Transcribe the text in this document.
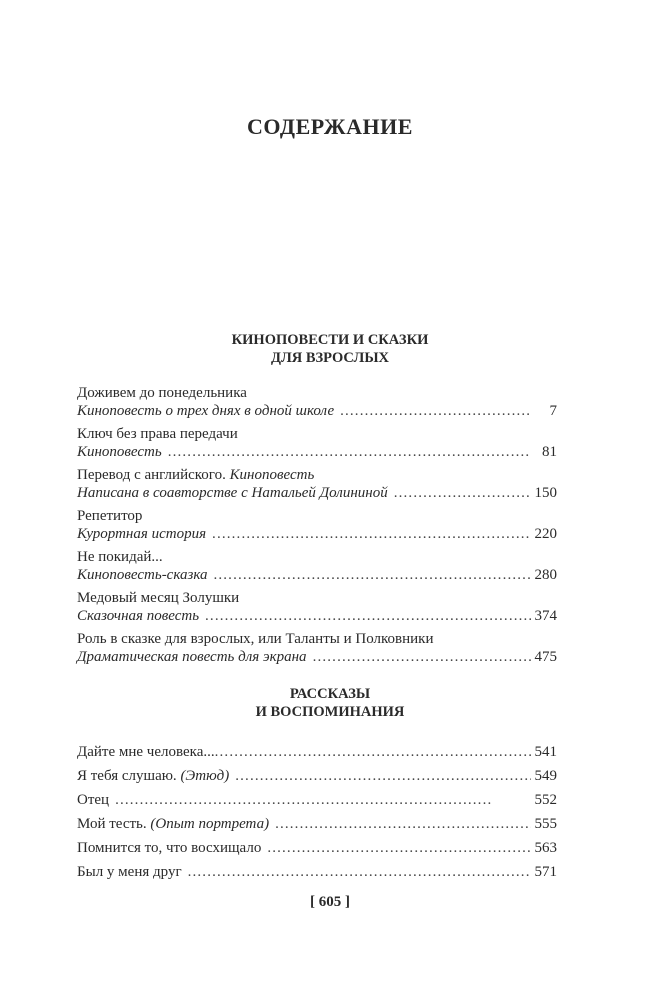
СОДЕРЖАНИЕ
КИНОПОВЕСТИ И СКАЗКИ
ДЛЯ ВЗРОСЛЫХ
Доживем до понедельника
Киноповесть о трех днях в одной школе . . .	7
Ключ без права передачи
Киноповесть . . .	81
Перевод с английского.
Киноповесть
Написана в соавторстве с Натальей Долининой . . .	150
Репетитор
Курортная история . . .	220
Не покидай...
Киноповесть-сказка . . .	280
Медовый месяц Золушки
Сказочная повесть . . .	374
Роль в сказке для взрослых, или Таланты и Полковники
Драматическая повесть для экрана . . .	475
РАССКАЗЫ
И ВОСПОМИНАНИЯ
Дайте мне человека... . . .	541
Я тебя слушаю.
(Этюд) . . .	549
Отец . . .	552
Мой тесть.
(Опыт портрета) . . .	555
Помнится то, что восхищало . . .	563
Был у меня друг . . .	571
[ 605 ]
